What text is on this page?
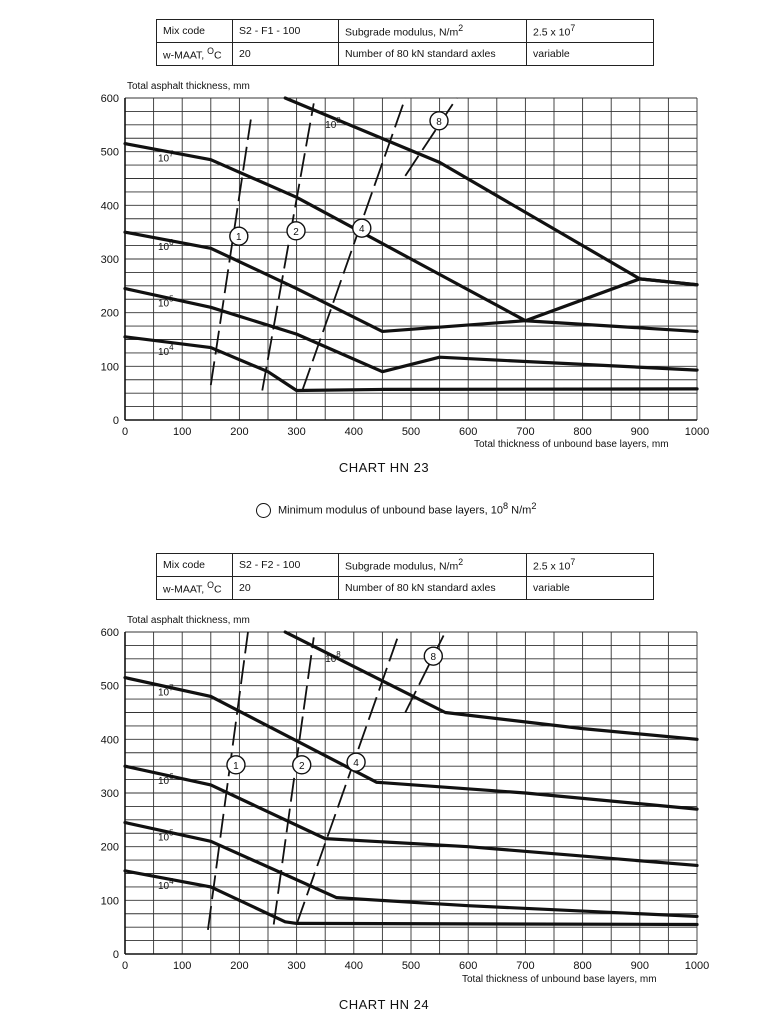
Mix code	S2 - F1 - 100	Subgrade modulus, $N/m^2$	2.5 x $10^7$
w-MAAT, $^O$C	20	Number of 80 kN standard axles	variable
Total asphalt thickness, mm
0	100	200	300	400	500	600	700	800	900	1000
0
100
200
300
400
500
600
$10^4$
$10^5$
$10^6$
$10^7$
$10^8$
1	2	4
8
Total thickness of unbound base layers, mm
CHART HN 23
Minimum modulus of unbound base layers, $10^8$ $N/m^2$
Mix code	S2 - F2 - 100	Subgrade modulus, $N/m^2$	2.5 x $10^7$
w-MAAT, $^O$C	20	Number of 80 kN standard axles	variable
Total asphalt thickness, mm
0	100	200	300	400	500	600	700	800	900	1000
0
100
200
300
400
500
600
$10^4$
$10^5$
$10^6$
$10^7$
$10^8$
1	2	4
8
Total thickness of unbound base layers, mm
CHART HN 24
